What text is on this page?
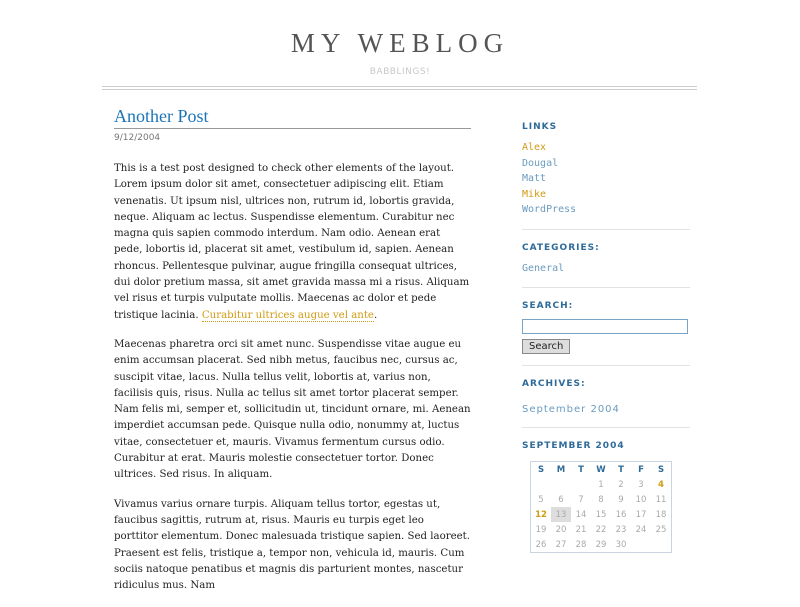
MY WEBLOG
BABBLINGS!
Another Post
9/12/2004

This is a test post designed to check other elements of the layout. Lorem ipsum dolor sit amet, consectetuer adipiscing elit. Etiam venenatis. Ut ipsum nisl, ultrices non, rutrum id, lobortis gravida, neque. Aliquam ac lectus. Suspendisse elementum. Curabitur nec magna quis sapien commodo interdum. Nam odio. Aenean erat pede, lobortis id, placerat sit amet, vestibulum id, sapien. Aenean rhoncus. Pellentesque pulvinar, augue fringilla consequat ultrices, dui dolor pretium massa, sit amet gravida massa mi a risus. Aliquam vel risus et turpis vulputate mollis. Maecenas ac dolor et pede tristique lacinia. Curabitur ultrices augue vel ante.

Maecenas pharetra orci sit amet nunc. Suspendisse vitae augue eu enim accumsan placerat. Sed nibh metus, faucibus nec, cursus ac, suscipit vitae, lacus. Nulla tellus velit, lobortis at, varius non, facilisis quis, risus. Nulla ac tellus sit amet tortor placerat semper. Nam felis mi, semper et, sollicitudin ut, tincidunt ornare, mi. Aenean imperdiet accumsan pede. Quisque nulla odio, nonummy at, luctus vitae, consectetuer et, mauris. Vivamus fermentum cursus odio. Curabitur at erat. Mauris molestie consectetuer tortor. Donec ultrices. Sed risus. In aliquam.

Vivamus varius ornare turpis. Aliquam tellus tortor, egestas ut, faucibus sagittis, rutrum at, risus. Mauris eu turpis eget leo porttitor elementum. Donec malesuada tristique sapien. Sed laoreet. Praesent est felis, tristique a, tempor non, vehicula id, mauris. Cum sociis natoque penatibus et magnis dis parturient montes, nascetur ridiculus mus. Nam

LINKS
Alex
Dougal
Matt
Mike
WordPress
CATEGORIES:
General
SEARCH:
Search
ARCHIVES:
September 2004
SEPTEMBER 2004
S	M	T	W	T	F	S
			1	2	3	4
5	6	7	8	9	10	11
12	13	14	15	16	17	18
19	20	21	22	23	24	25
26	27	28	29	30		
